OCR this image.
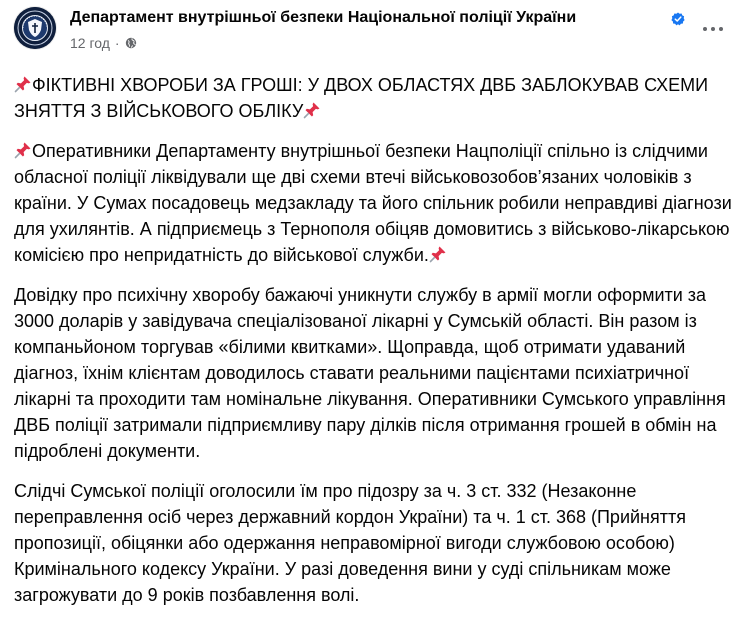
Департамент внутрішньої безпеки Національної поліції України
12 год ·

ФІКТИВНІ ХВОРОБИ ЗА ГРОШІ: У ДВОХ ОБЛАСТЯХ ДВБ ЗАБЛОКУВАВ СХЕМИ ЗНЯТТЯ З ВІЙСЬКОВОГО ОБЛІКУ

Оперативники Департаменту внутрішньої безпеки Нацполіції спільно із слідчими обласної поліції ліквідували ще дві схеми втечі військовозобов’язаних чоловіків з країни. У Сумах посадовець медзакладу та його спільник робили неправдиві діагнози для ухилянтів. А підприємець з Тернополя обіцяв домовитись з військово-лікарською комісією про непридатність до військової служби.

Довідку про психічну хворобу бажаючі уникнути службу в армії могли оформити за 3000 доларів у завідувача спеціалізованої лікарні у Сумській області. Він разом із компаньйоном торгував «білими квитками». Щоправда, щоб отримати удаваний діагноз, їхнім клієнтам доводилось ставати реальними пацієнтами психіатричної лікарні та проходити там номінальне лікування. Оперативники Сумського управління ДВБ поліції затримали підприємливу пару ділків після отримання грошей в обмін на підроблені документи.

Слідчі Сумської поліції оголосили їм про підозру за ч. 3 ст. 332 (Незаконне переправлення осіб через державний кордон України) та ч. 1 ст. 368 (Прийняття пропозиції, обіцянки або одержання неправомірної вигоди службовою особою) Кримінального кодексу України. У разі доведення вини у суді спільникам може загрожувати до 9 років позбавлення волі.
